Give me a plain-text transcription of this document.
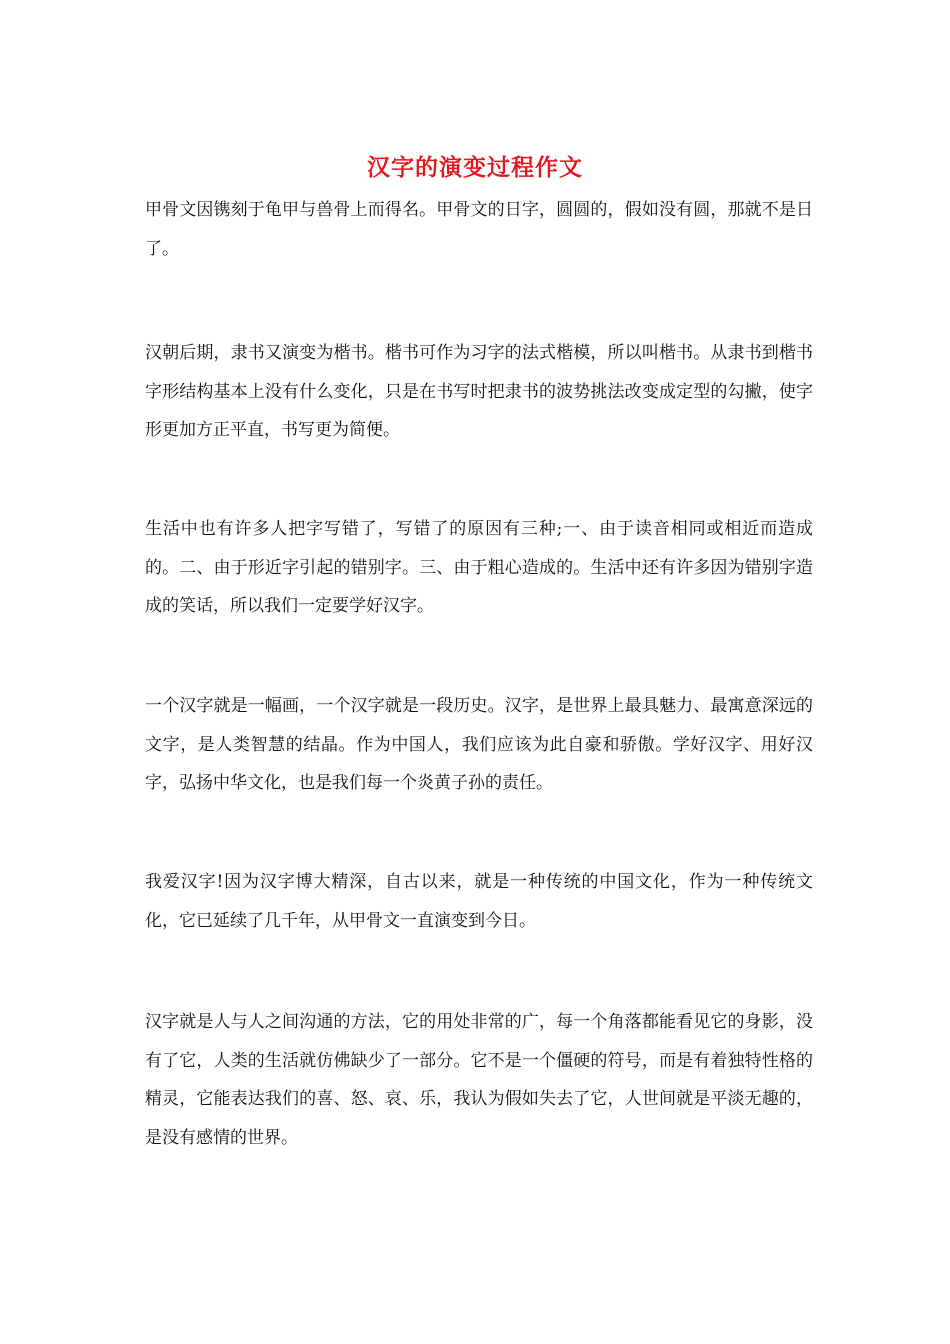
汉字的演变过程作文

甲骨文因镌刻于龟甲与兽骨上而得名。甲骨文的日字，圆圆的，假如没有圆，那就不是日了。

汉朝后期，隶书又演变为楷书。楷书可作为习字的法式楷模，所以叫楷书。从隶书到楷书字形结构基本上没有什么变化，只是在书写时把隶书的波势挑法改变成定型的勾撇，使字形更加方正平直，书写更为简便。

生活中也有许多人把字写错了，写错了的原因有三种;一、由于读音相同或相近而造成的。二、由于形近字引起的错别字。三、由于粗心造成的。生活中还有许多因为错别字造成的笑话，所以我们一定要学好汉字。

一个汉字就是一幅画，一个汉字就是一段历史。汉字，是世界上最具魅力、最寓意深远的文字，是人类智慧的结晶。作为中国人，我们应该为此自豪和骄傲。学好汉字、用好汉字，弘扬中华文化，也是我们每一个炎黄子孙的责任。

我爱汉字!因为汉字博大精深，自古以来，就是一种传统的中国文化，作为一种传统文化，它已延续了几千年，从甲骨文一直演变到今日。

汉字就是人与人之间沟通的方法，它的用处非常的广，每一个角落都能看见它的身影，没有了它，人类的生活就仿佛缺少了一部分。它不是一个僵硬的符号，而是有着独特性格的精灵，它能表达我们的喜、怒、哀、乐，我认为假如失去了它，人世间就是平淡无趣的，是没有感情的世界。
